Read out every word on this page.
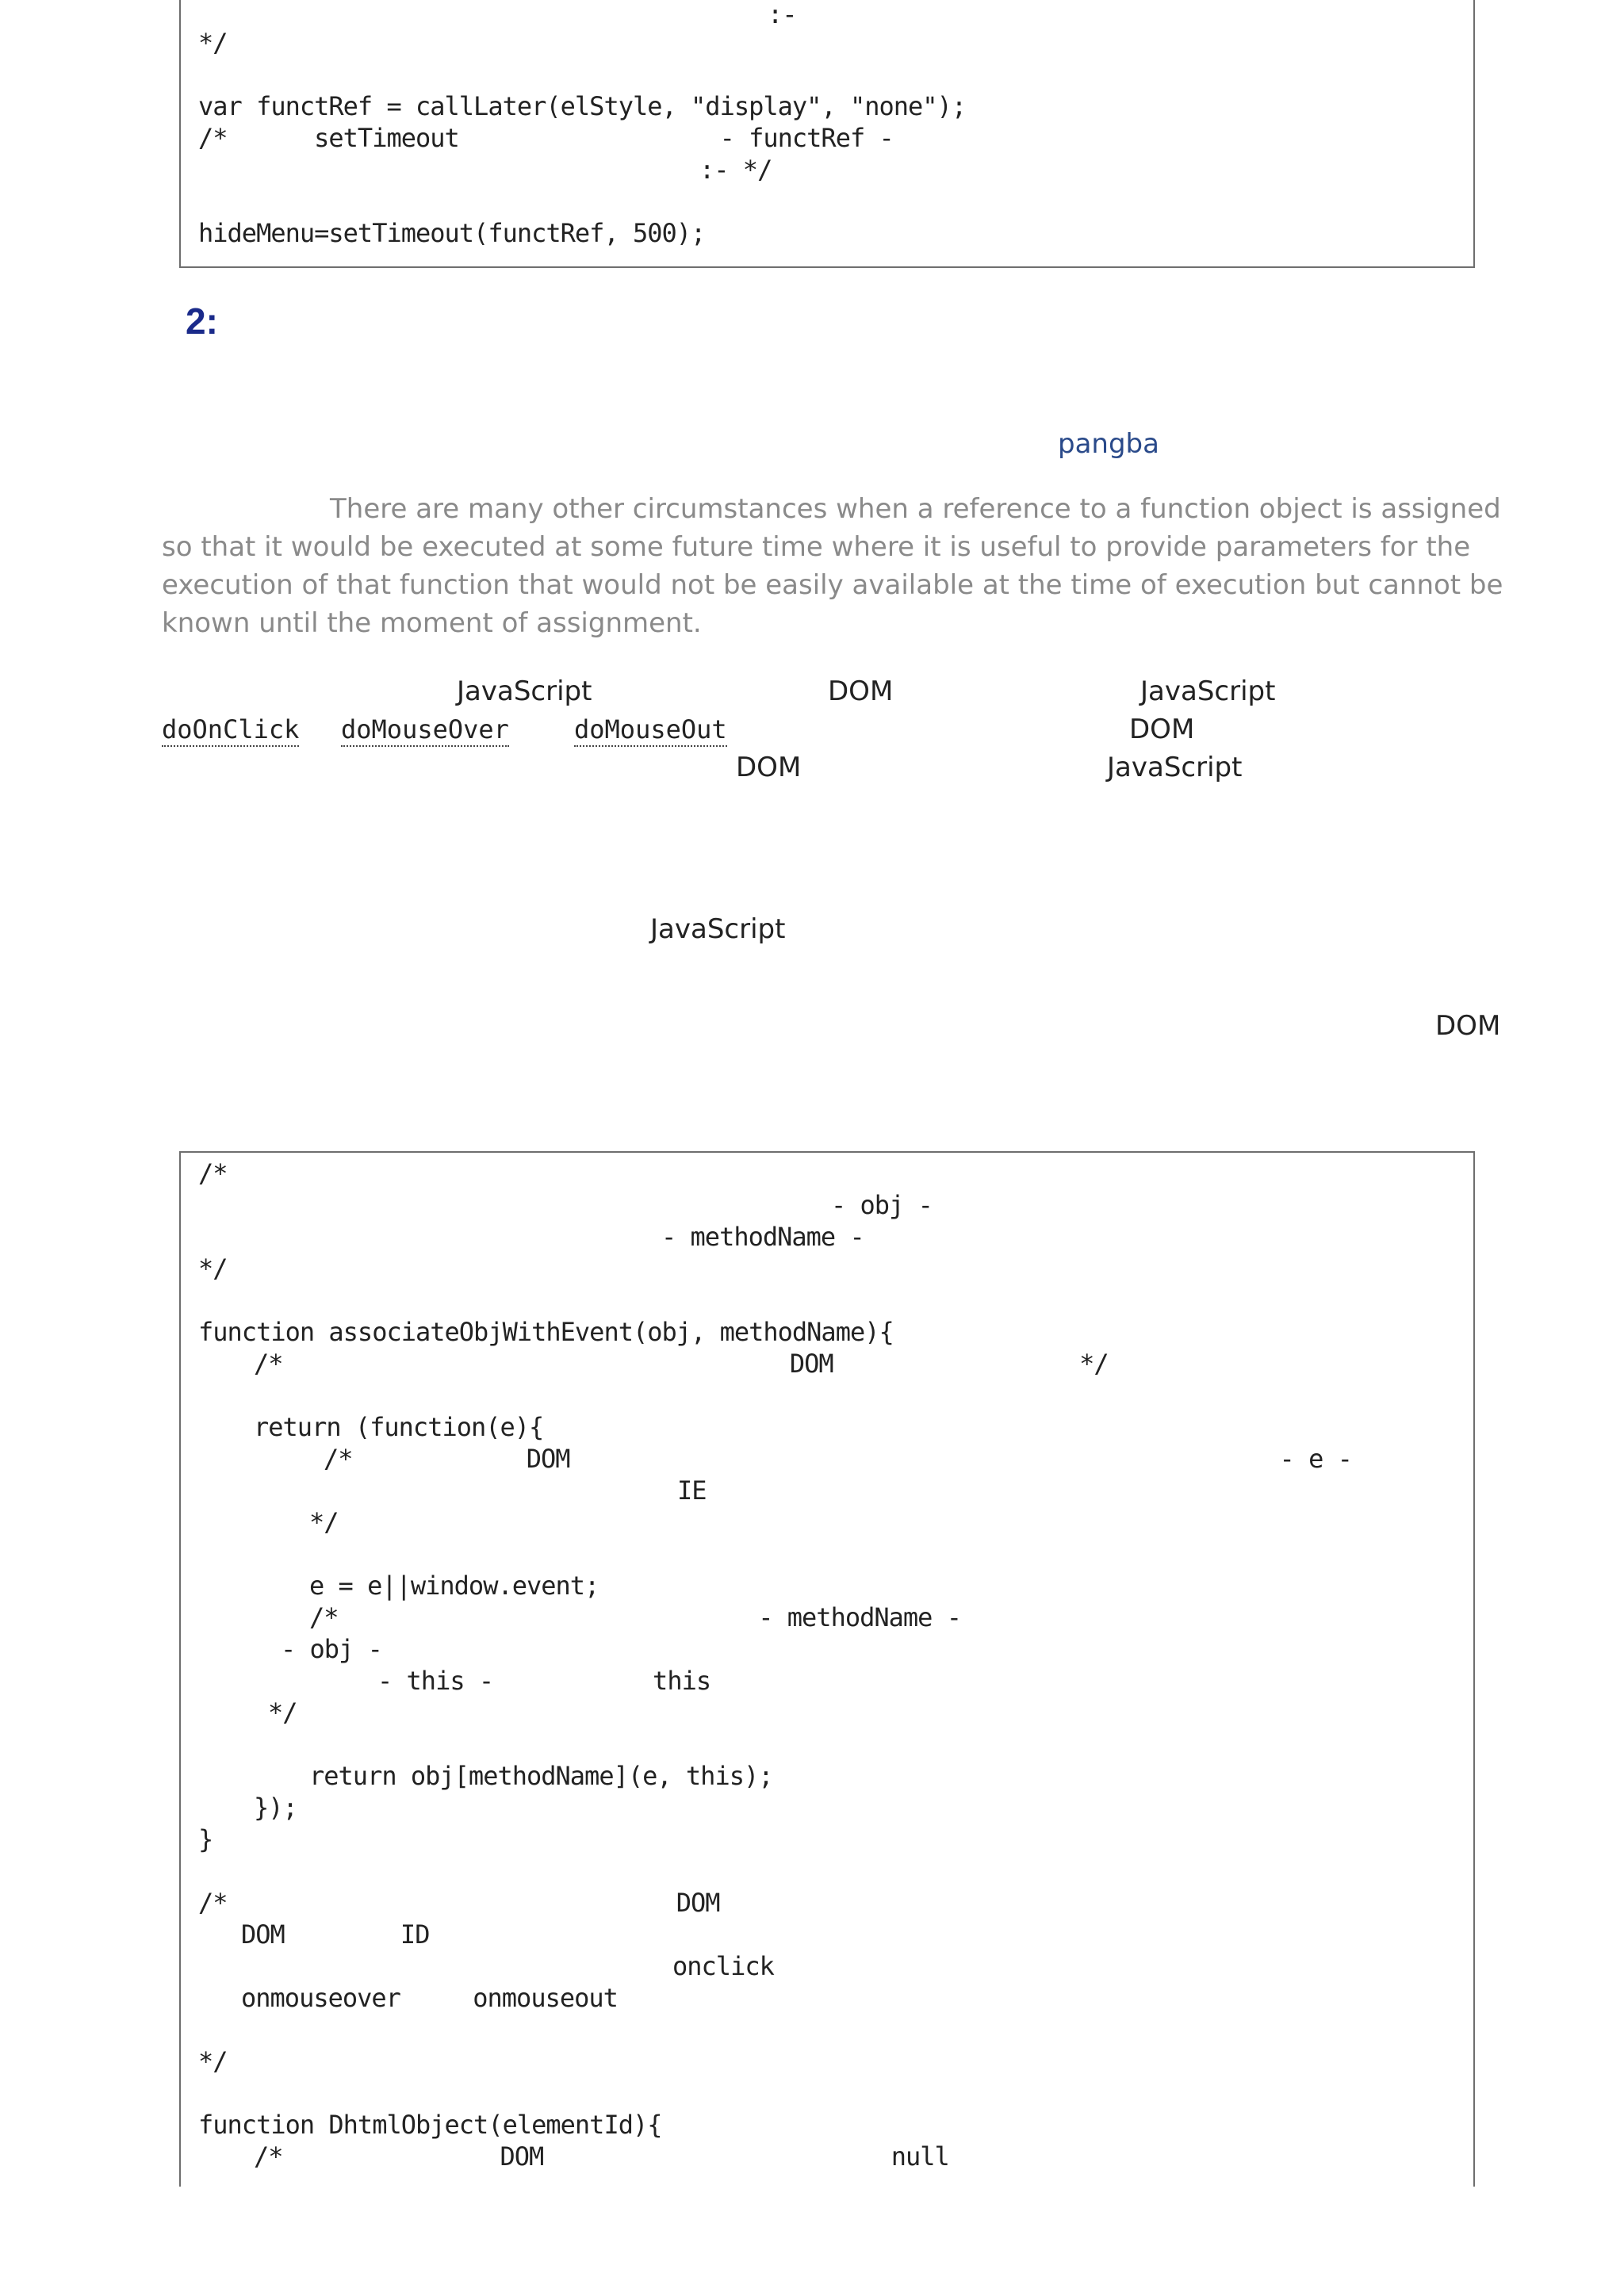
:-
*/
var functRef = callLater(elStyle, "display", "none");
/*      setTimeout                  - functRef -
:- */
hideMenu=setTimeout(functRef, 500);
2:
pangba
There are many other circumstances when a reference to a function object is assigned so that it would be executed at some future time where it is useful to provide parameters for the execution of that function that would not be easily available at the time of execution but cannot be known until the moment of assignment.
JavaScript	DOM	JavaScript
doOnClick doMouseOver	doMouseOut	DOM
DOM	JavaScript
JavaScript
DOM
/*
- obj -
- methodName -
*/
function associateObjWithEvent(obj, methodName){
/*                                   DOM                 */
return (function(e){
/*            DOM                                                 - e -
IE
*/
e = e||window.event;
/*                             - methodName -
- obj -
- this -           this
*/
return obj[methodName](e, this);
});
}
/*                               DOM
DOM        ID
onclick
onmouseover     onmouseout
*/
function DhtmlObject(elementId){
/*               DOM                        null
